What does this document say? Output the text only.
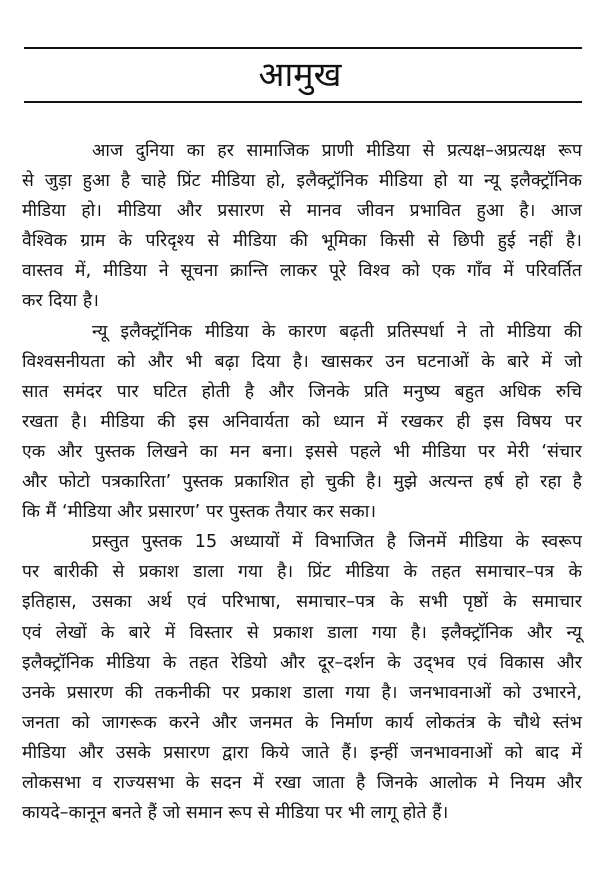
आमुख
आज दुनिया का हर सामाजिक प्राणी मीडिया से प्रत्यक्ष–अप्रत्यक्ष रूप
से जुड़ा हुआ है चाहे प्रिंट मीडिया हो, इलैक्ट्रॉनिक मीडिया हो या न्यू इलैक्ट्रॉनिक
मीडिया हो। मीडिया और प्रसारण से मानव जीवन प्रभावित हुआ है। आज
वैश्विक ग्राम के परिदृश्य से मीडिया की भूमिका किसी से छिपी हुई नहीं है।
वास्तव में, मीडिया ने सूचना क्रान्ति लाकर पूरे विश्व को एक गाँव में परिवर्तित
कर दिया है।
न्यू इलैक्ट्रॉनिक मीडिया के कारण बढ़ती प्रतिस्पर्धा ने तो मीडिया की
विश्वसनीयता को और भी बढ़ा दिया है। खासकर उन घटनाओं के बारे में जो
सात समंदर पार घटित होती है और जिनके प्रति मनुष्य बहुत अधिक रुचि
रखता है। मीडिया की इस अनिवार्यता को ध्यान में रखकर ही इस विषय पर
एक और पुस्तक लिखने का मन बना। इससे पहले भी मीडिया पर मेरी ‘संचार
और फोटो पत्रकारिता’ पुस्तक प्रकाशित हो चुकी है। मुझे अत्यन्त हर्ष हो रहा है
कि मैं ‘मीडिया और प्रसारण’ पर पुस्तक तैयार कर सका।
प्रस्तुत पुस्तक 15 अध्यायों में विभाजित है जिनमें मीडिया के स्वरूप
पर बारीकी से प्रकाश डाला गया है। प्रिंट मीडिया के तहत समाचार–पत्र के
इतिहास, उसका अर्थ एवं परिभाषा, समाचार–पत्र के सभी पृष्ठों के समाचार
एवं लेखों के बारे में विस्तार से प्रकाश डाला गया है। इलैक्ट्रॉनिक और न्यू
इलैक्ट्रॉनिक मीडिया के तहत रेडियो और दूर–दर्शन के उद्‌भव एवं विकास और
उनके प्रसारण की तकनीकी पर प्रकाश डाला गया है। जनभावनाओं को उभारने,
जनता को जागरूक करने और जनमत के निर्माण कार्य लोकतंत्र के चौथे स्तंभ
मीडिया और उसके प्रसारण द्वारा किये जाते हैं। इन्हीं जनभावनाओं को बाद में
लोकसभा व राज्यसभा के सदन में रखा जाता है जिनके आलोक मे नियम और
कायदे–कानून बनते हैं जो समान रूप से मीडिया पर भी लागू होते हैं।
